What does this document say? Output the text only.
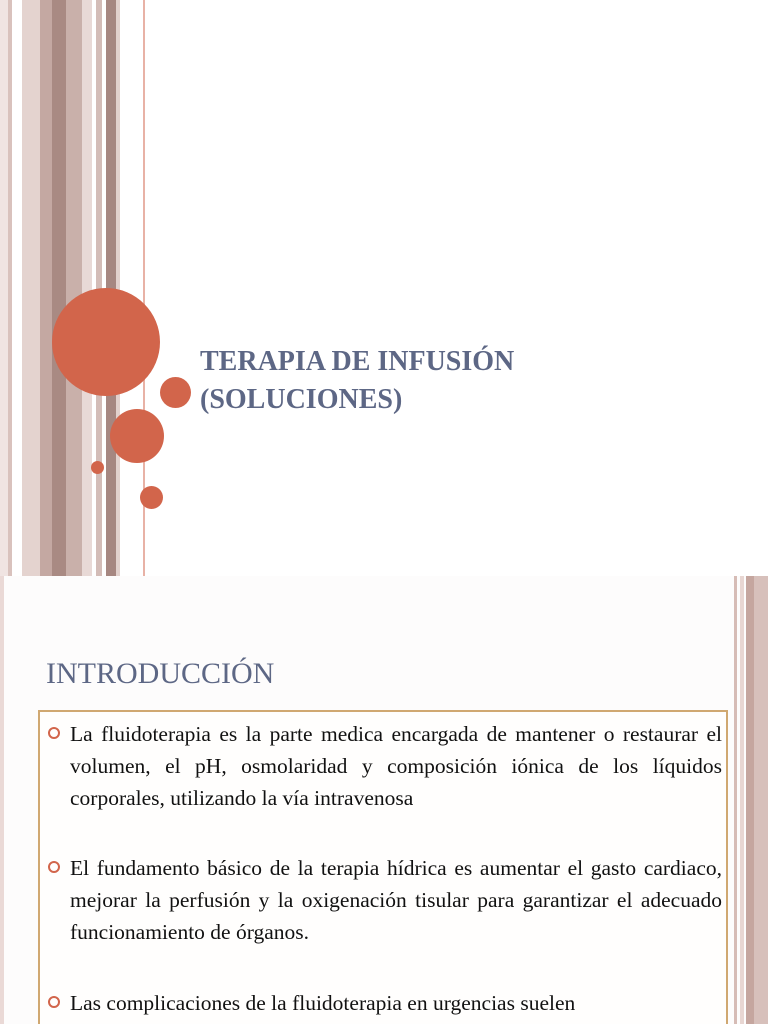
TERAPIA DE INFUSIÓN
(SOLUCIONES)
INTRODUCCIÓN
La fluidoterapia es la parte medica encargada de mantener o restaurar el volumen, el pH, osmolaridad y composición iónica de los líquidos corporales, utilizando la vía intravenosa
El fundamento básico de la terapia hídrica es aumentar el gasto cardiaco, mejorar la perfusión y la oxigenación tisular para garantizar el adecuado funcionamiento de órganos.
Las complicaciones de la fluidoterapia en urgencias suelen
